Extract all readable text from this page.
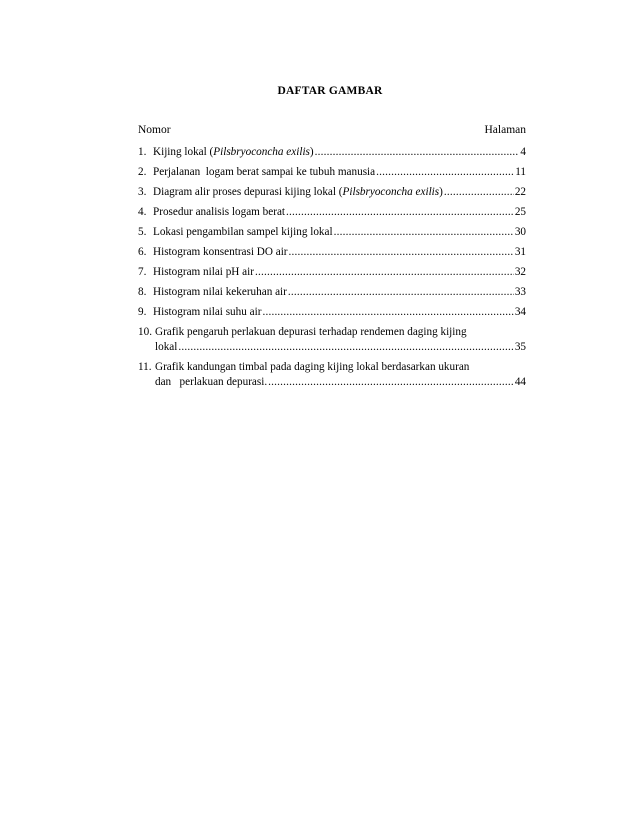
DAFTAR GAMBAR
Nomor	Halaman
1. Kijing lokal (Pilsbryoconcha exilis) .....	4
2. Perjalanan  logam berat sampai ke tubuh manusia .....	11
3. Diagram alir proses depurasi kijing lokal (Pilsbryoconcha exilis) .....	22
4. Prosedur analisis logam berat .....	25
5. Lokasi pengambilan sampel kijing lokal .....	30
6. Histogram konsentrasi DO air .....	31
7. Histogram nilai pH air .....	32
8. Histogram nilai kekeruhan air .....	33
9. Histogram nilai suhu air .....	34
10. Grafik pengaruh perlakuan depurasi terhadap rendemen daging kijing
lokal .....	35
11. Grafik kandungan timbal pada daging kijing lokal berdasarkan ukuran
dan   perlakuan depurasi. .....	44
